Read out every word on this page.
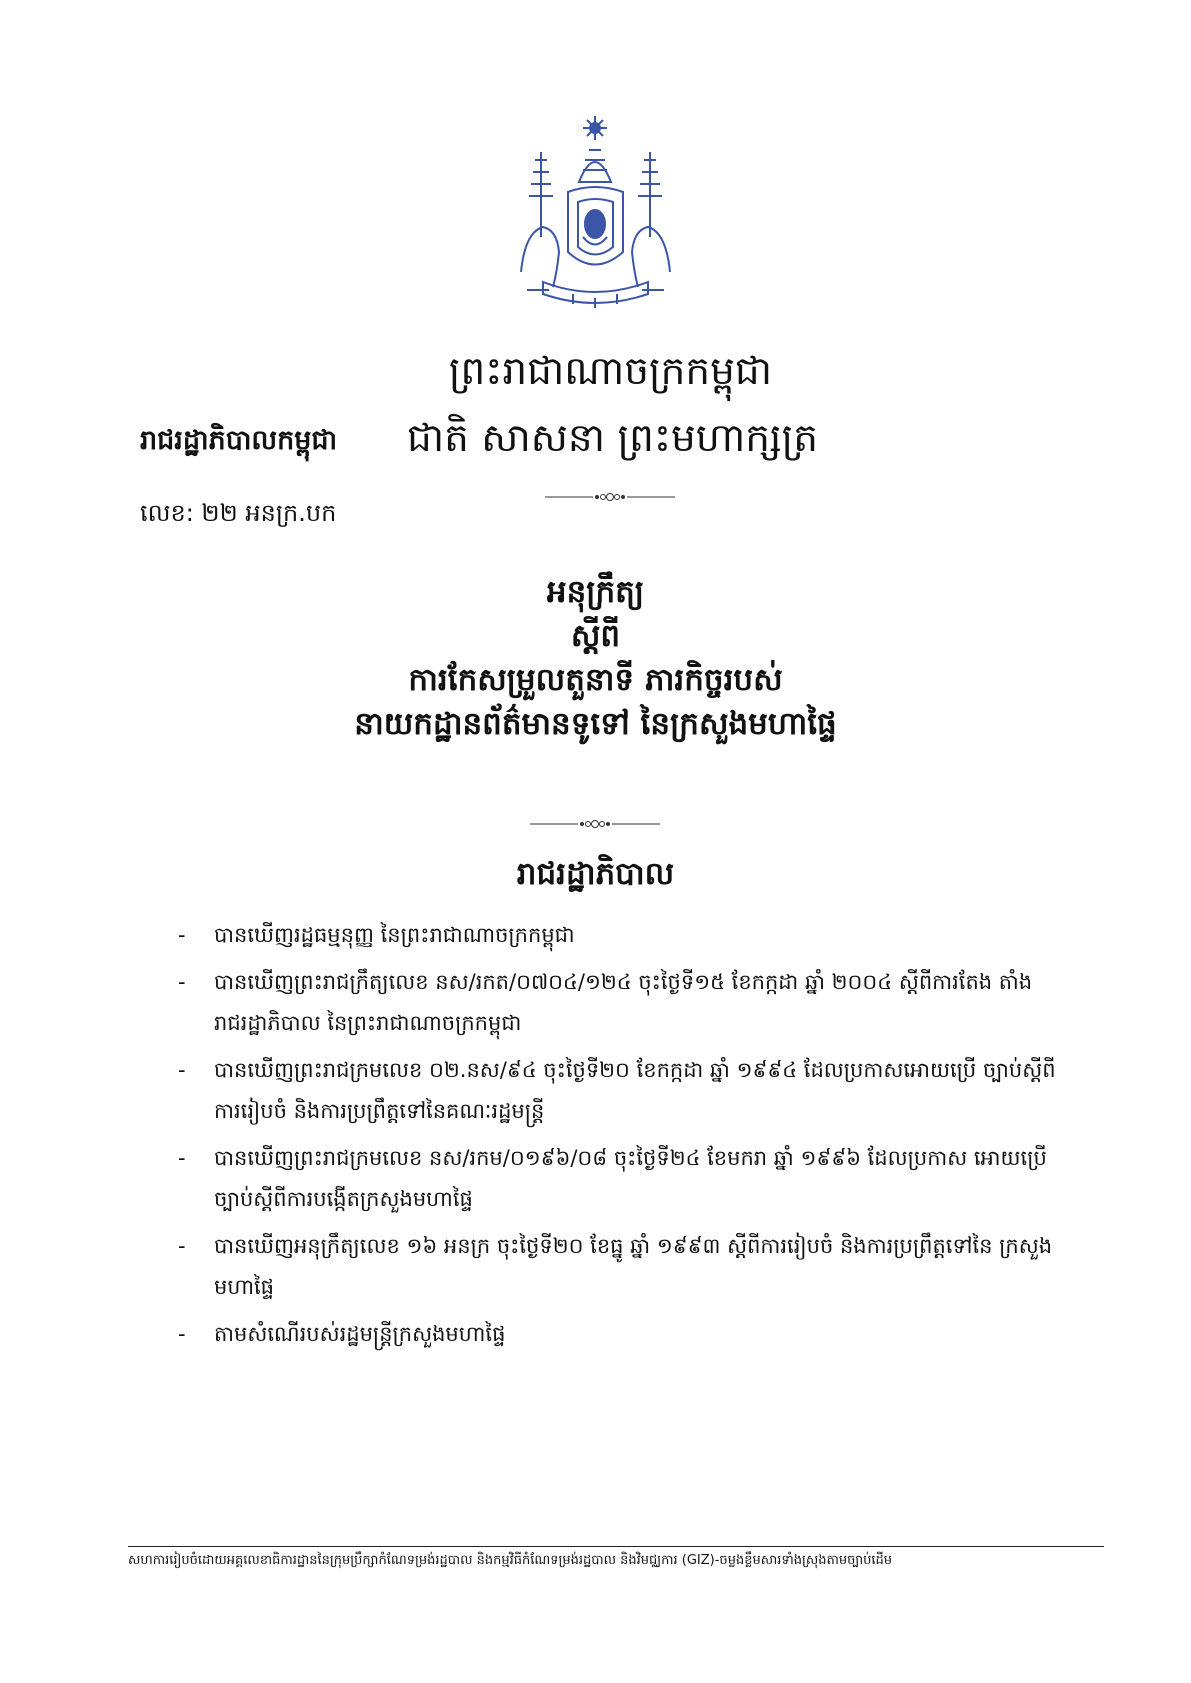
ព្រះរាជាណាចក្រកម្ពុជា
រាជរដ្ឋាភិបាលកម្ពុជា ជាតិ សាសនា ព្រះមហាក្សត្រ
លេខ: ២២ អនក្រ.បក
អនុក្រឹត្យ
ស្តីពី
ការកែសម្រួលតួនាទី ភារកិច្ចរបស់
នាយកដ្ឋានព័ត៌មានទូទៅ នៃក្រសួងមហាផ្ទៃ
រាជរដ្ឋាភិបាល
-	បានឃើញរដ្ឋធម្មនុញ្ញ នៃព្រះរាជាណាចក្រកម្ពុជា
-	បានឃើញព្រះរាជក្រឹត្យលេខ នស/រកត/០៧០៤/១២៤ ចុះថ្ងៃទី១៥ ខែកក្កដា ឆ្នាំ ២០០៤ ស្តីពីការតែង តាំងរាជរដ្ឋាភិបាល នៃព្រះរាជាណាចក្រកម្ពុជា
-	បានឃើញព្រះរាជក្រមលេខ ០២.នស/៩៤ ចុះថ្ងៃទី២០ ខែកក្កដា ឆ្នាំ ១៩៩៤ ដែលប្រកាសអោយប្រើ ច្បាប់ស្តីពីការរៀបចំ និងការប្រព្រឹត្តទៅនៃគណៈរដ្ឋមន្ត្រី
-	បានឃើញព្រះរាជក្រមលេខ នស/រកម/០១៩៦/០៨ ចុះថ្ងៃទី២៤ ខែមករា ឆ្នាំ ១៩៩៦ ដែលប្រកាស អោយប្រើច្បាប់ស្តីពីការបង្កើតក្រសួងមហាផ្ទៃ
-	បានឃើញអនុក្រឹត្យលេខ ១៦ អនក្រ ចុះថ្ងៃទី២០ ខែធ្នូ ឆ្នាំ ១៩៩៣ ស្តីពីការរៀបចំ និងការប្រព្រឹត្តទៅនៃ ក្រសួងមហាផ្ទៃ
-	តាមសំណើរបស់រដ្ឋមន្ត្រីក្រសួងមហាផ្ទៃ
សហការរៀបចំដោយអគ្គលេខាធិការដ្ឋាននៃក្រុមប្រឹក្សាកំណែទម្រង់រដ្ឋបាល និងកម្មវិធីកំណែទម្រង់រដ្ឋបាល និងវិមជ្ឈការ (GIZ)-ចម្លងខ្លឹមសារទាំងស្រុងតាមច្បាប់ដើម
